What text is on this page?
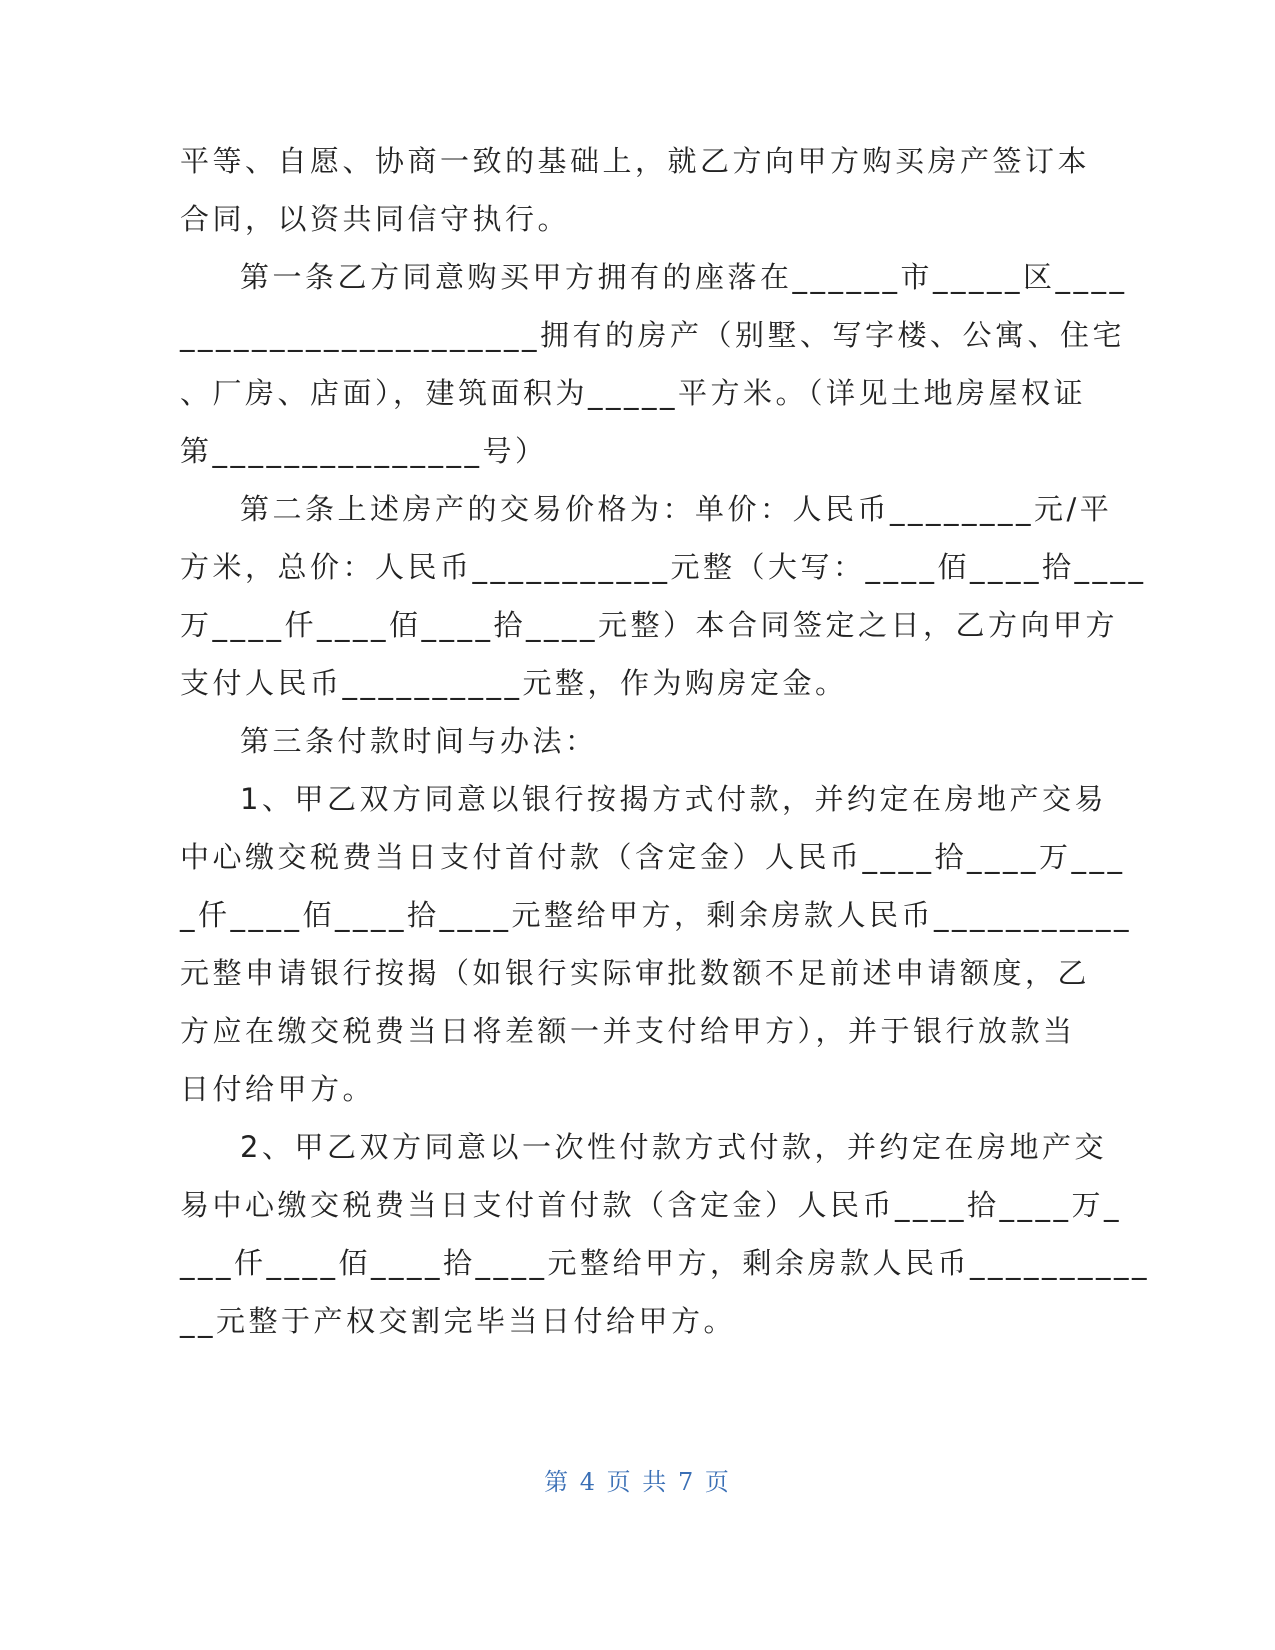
平等、自愿、协商一致的基础上，就乙方向甲方购买房产签订本
合同，以资共同信守执行。
第一条乙方同意购买甲方拥有的座落在______市_____区____
____________________拥有的房产（别墅、写字楼、公寓、住宅
、厂房、店面），建筑面积为_____平方米。（详见土地房屋权证
第_______________号）
第二条上述房产的交易价格为：单价：人民币________元/平
方米，总价：人民币___________元整（大写：____佰____拾____
万____仟____佰____拾____元整）本合同签定之日，乙方向甲方
支付人民币__________元整，作为购房定金。
第三条付款时间与办法：
1、甲乙双方同意以银行按揭方式付款，并约定在房地产交易
中心缴交税费当日支付首付款（含定金）人民币____拾____万___
_仟____佰____拾____元整给甲方，剩余房款人民币___________
元整申请银行按揭（如银行实际审批数额不足前述申请额度，乙
方应在缴交税费当日将差额一并支付给甲方），并于银行放款当
日付给甲方。
2、甲乙双方同意以一次性付款方式付款，并约定在房地产交
易中心缴交税费当日支付首付款（含定金）人民币____拾____万_
___仟____佰____拾____元整给甲方，剩余房款人民币__________
__元整于产权交割完毕当日付给甲方。
第 4 页 共 7 页
